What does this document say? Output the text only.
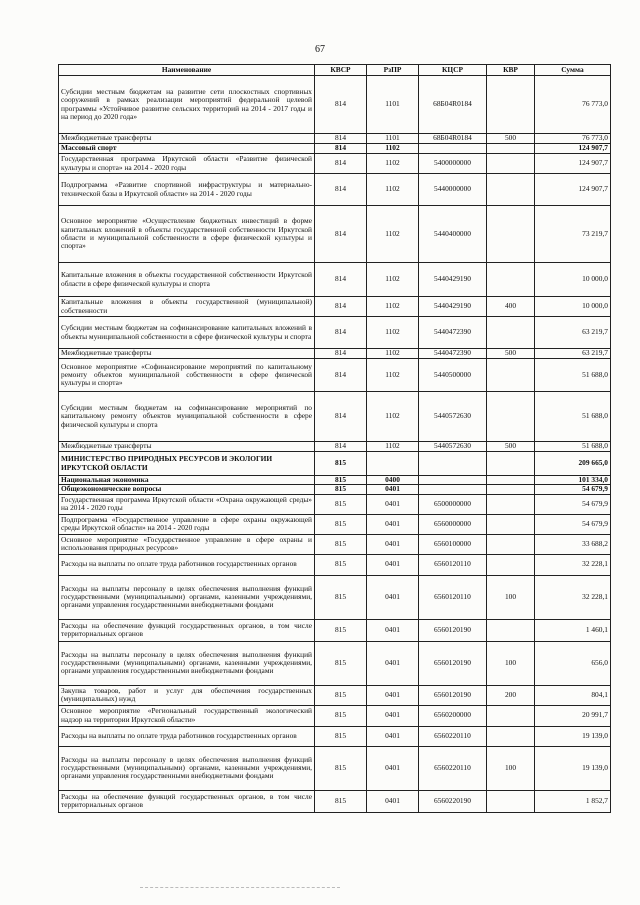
67
Наименование	КВСР	РзПР	КЦСР	КВР	Сумма
Субсидии местным бюджетам на развитие сети плоскостных спортивных сооружений в рамках реализации мероприятий федеральной целевой программы «Устойчивое развитие сельских территорий на 2014 - 2017 годы и на период до 2020 года»	814	1101	68Б04R0184		76 773,0
Межбюджетные трансферты	814	1101	68Б04R0184	500	76 773,0
Массовый спорт	814	1102			124 907,7
Государственная программа Иркутской области «Развитие физической культуры и спорта» на 2014 - 2020 годы	814	1102	5400000000		124 907,7
Подпрограмма «Развитие спортивной инфраструктуры и материально- технической базы в Иркутской области» на 2014 - 2020 годы	814	1102	5440000000		124 907,7
Основное мероприятие «Осуществление бюджетных инвестиций в форме капитальных вложений в объекты государственной собственности Иркутской области и муниципальной собственности в сфере физической культуры и спорта»	814	1102	5440400000		73 219,7
Капитальные вложения в объекты государственной собственности Иркутской области в сфере физической культуры и спорта	814	1102	5440429190		10 000,0
Капитальные вложения в объекты государственной (муниципальной) собственности	814	1102	5440429190	400	10 000,0
Субсидии местным бюджетам на софинансирование капитальных вложений в объекты муниципальной собственности в сфере физической культуры и спорта	814	1102	5440472390		63 219,7
Межбюджетные трансферты	814	1102	5440472390	500	63 219,7
Основное мероприятие «Софинансирование мероприятий по капитальному ремонту объектов муниципальной собственности в сфере физической культуры и спорта»	814	1102	5440500000		51 688,0
Субсидии местным бюджетам на софинансирование мероприятий по капитальному ремонту объектов муниципальной собственности в сфере физической культуры и спорта	814	1102	5440572630		51 688,0
Межбюджетные трансферты	814	1102	5440572630	500	51 688,0
МИНИСТЕРСТВО ПРИРОДНЫХ РЕСУРСОВ И ЭКОЛОГИИ ИРКУТСКОЙ ОБЛАСТИ	815				209 665,0
Национальная экономика	815	0400			101 334,0
Общеэкономические вопросы	815	0401			54 679,9
Государственная программа Иркутской области «Охрана окружающей среды» на 2014 - 2020 годы	815	0401	6500000000		54 679,9
Подпрограмма «Государственное управление в сфере охраны окружающей среды Иркутской области» на 2014 - 2020 годы	815	0401	6560000000		54 679,9
Основное мероприятие «Государственное управление в сфере охраны и использования природных ресурсов»	815	0401	6560100000		33 688,2
Расходы на выплаты по оплате труда работников государственных органов	815	0401	6560120110		32 228,1
Расходы на выплаты персоналу в целях обеспечения выполнения функций государственными (муниципальными) органами, казенными учреждениями, органами управления государственными внебюджетными фондами	815	0401	6560120110	100	32 228,1
Расходы на обеспечение функций государственных органов, в том числе территориальных органов	815	0401	6560120190		1 460,1
Расходы на выплаты персоналу в целях обеспечения выполнения функций государственными (муниципальными) органами, казенными учреждениями, органами управления государственными внебюджетными фондами	815	0401	6560120190	100	656,0
Закупка товаров, работ и услуг для обеспечения государственных (муниципальных) нужд	815	0401	6560120190	200	804,1
Основное мероприятие «Региональный государственный экологический надзор на территории Иркутской области»	815	0401	6560200000		20 991,7
Расходы на выплаты по оплате труда работников государственных органов	815	0401	6560220110		19 139,0
Расходы на выплаты персоналу в целях обеспечения выполнения функций государственными (муниципальными) органами, казенными учреждениями, органами управления государственными внебюджетными фондами	815	0401	6560220110	100	19 139,0
Расходы на обеспечение функций государственных органов, в том числе территориальных органов	815	0401	6560220190		1 852,7
